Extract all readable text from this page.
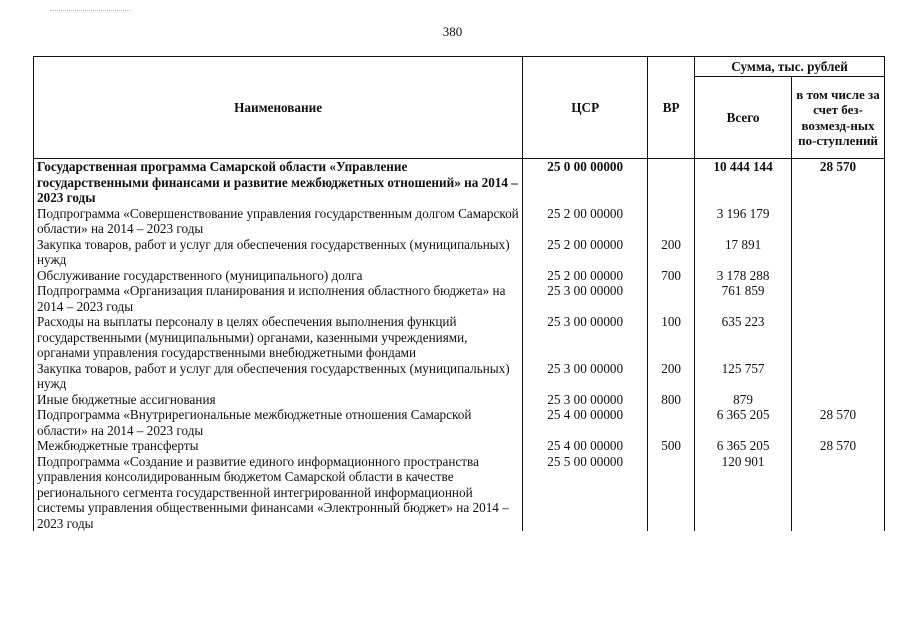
380
Наименование	ЦСР	ВР	Сумма, тыс. рублей	
			Всего	в том числе за счет без-возмезд-ных по-ступлений
Государственная программа Самарской области «Управление государственными финансами и развитие межбюджетных отношений» на 2014 – 2023 годы	25 0 00 00000		10 444 144	28 570
Подпрограмма «Совершенствование управления государственным долгом Самарской области» на 2014 – 2023 годы	25 2 00 00000		3 196 179	
Закупка товаров, работ и услуг для обеспечения государственных (муниципальных) нужд	25 2 00 00000	200	17 891	
Обслуживание государственного (муниципального) долга	25 2 00 00000	700	3 178 288	
Подпрограмма «Организация планирования и исполнения областного бюджета» на 2014 – 2023 годы	25 3 00 00000		761 859	
Расходы на выплаты персоналу в целях обеспечения выполнения функций государственными (муниципальными) органами, казенными учреждениями, органами управления государственными внебюджетными фондами	25 3 00 00000	100	635 223	
Закупка товаров, работ и услуг для обеспечения государственных (муниципальных) нужд	25 3 00 00000	200	125 757	
Иные бюджетные ассигнования	25 3 00 00000	800	879	
Подпрограмма «Внутрирегиональные межбюджетные отношения Самарской области» на 2014 – 2023 годы	25 4 00 00000		6 365 205	28 570
Межбюджетные трансферты	25 4 00 00000	500	6 365 205	28 570
Подпрограмма «Создание и развитие единого информационного пространства управления консолидированным бюджетом Самарской области в качестве регионального сегмента государственной интегрированной информационной системы управления общественными финансами «Электронный бюджет» на 2014 – 2023 годы	25 5 00 00000		120 901	
